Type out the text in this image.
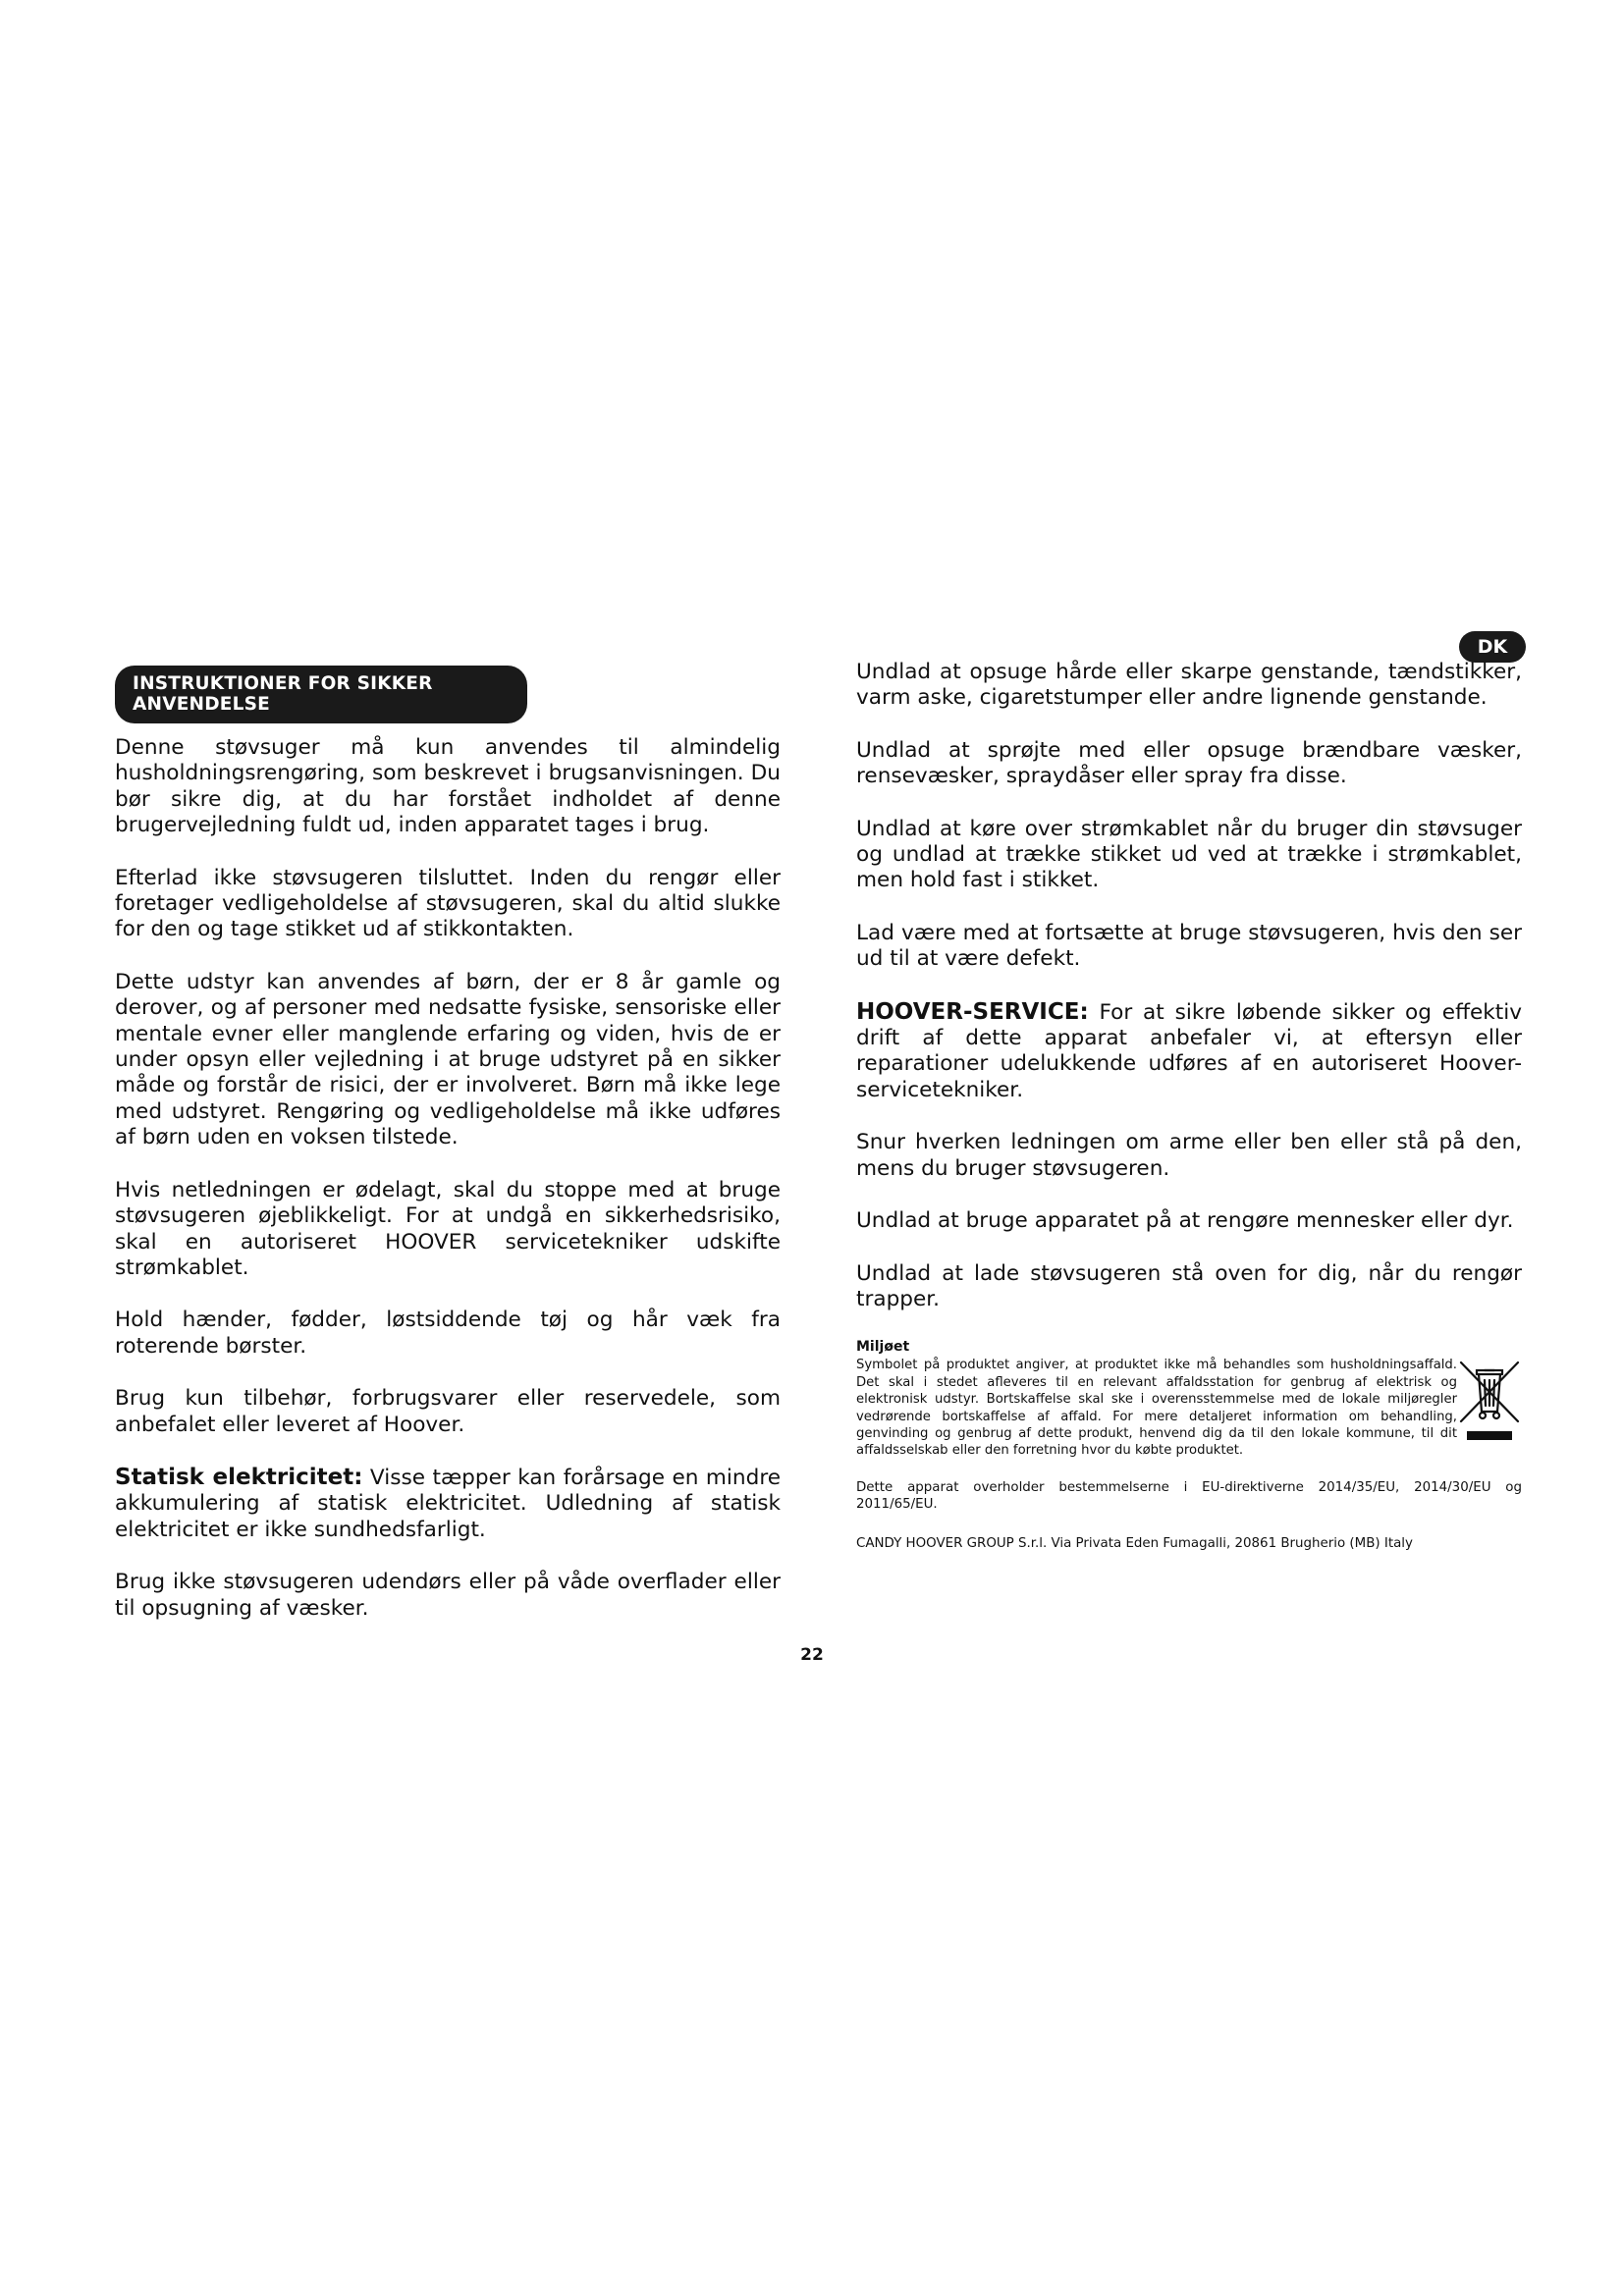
DK
INSTRUKTIONER FOR SIKKER ANVENDELSE

Denne støvsuger må kun anvendes til almindelig husholdningsrengøring, som beskrevet i brugsanvisningen. Du bør sikre dig, at du har forstået indholdet af denne brugervejledning fuldt ud, inden apparatet tages i brug.

Efterlad ikke støvsugeren tilsluttet. Inden du rengør eller foretager vedligeholdelse af støvsugeren, skal du altid slukke for den og tage stikket ud af stikkontakten.

Dette udstyr kan anvendes af børn, der er 8 år gamle og derover, og af personer med nedsatte fysiske, sensoriske eller mentale evner eller manglende erfaring og viden, hvis de er under opsyn eller vejledning i at bruge udstyret på en sikker måde og forstår de risici, der er involveret. Børn må ikke lege med udstyret. Rengøring og vedligeholdelse må ikke udføres af børn uden en voksen tilstede.

Hvis netledningen er ødelagt, skal du stoppe med at bruge støvsugeren øjeblikkeligt. For at undgå en sikkerhedsrisiko, skal en autoriseret HOOVER servicetekniker udskifte strømkablet.

Hold hænder, fødder, løstsiddende tøj og hår væk fra roterende børster.

Brug kun tilbehør, forbrugsvarer eller reservedele, som anbefalet eller leveret af Hoover.

Statisk elektricitet: Visse tæpper kan forårsage en mindre akkumulering af statisk elektricitet. Udledning af statisk elektricitet er ikke sundhedsfarligt.

Brug ikke støvsugeren udendørs eller på våde overflader eller til opsugning af væsker.

Undlad at opsuge hårde eller skarpe genstande, tændstikker, varm aske, cigaretstumper eller andre lignende genstande.

Undlad at sprøjte med eller opsuge brændbare væsker, rensevæsker, spraydåser eller spray fra disse.

Undlad at køre over strømkablet når du bruger din støvsuger og undlad at trække stikket ud ved at trække i strømkablet, men hold fast i stikket.

Lad være med at fortsætte at bruge støvsugeren, hvis den ser ud til at være defekt.

HOOVER-SERVICE: For at sikre løbende sikker og effektiv drift af dette apparat anbefaler vi, at eftersyn eller reparationer udelukkende udføres af en autoriseret Hoover-servicetekniker.

Snur hverken ledningen om arme eller ben eller stå på den, mens du bruger støvsugeren.

Undlad at bruge apparatet på at rengøre mennesker eller dyr.

Undlad at lade støvsugeren stå oven for dig, når du rengør trapper.

Miljøet

Symbolet på produktet angiver, at produktet ikke må behandles som husholdningsaffald. Det skal i stedet afleveres til en relevant affaldsstation for genbrug af elektrisk og elektronisk udstyr. Bortskaffelse skal ske i overensstemmelse med de lokale miljøregler vedrørende bortskaffelse af affald. For mere detaljeret information om behandling, genvinding og genbrug af dette produkt, henvend dig da til den lokale kommune, til dit affaldsselskab eller den forretning hvor du købte produktet.

Dette apparat overholder bestemmelserne i EU-direktiverne 2014/35/EU, 2014/30/EU og 2011/65/EU.

CANDY HOOVER GROUP S.r.l. Via Privata Eden Fumagalli, 20861 Brugherio (MB) Italy

22
